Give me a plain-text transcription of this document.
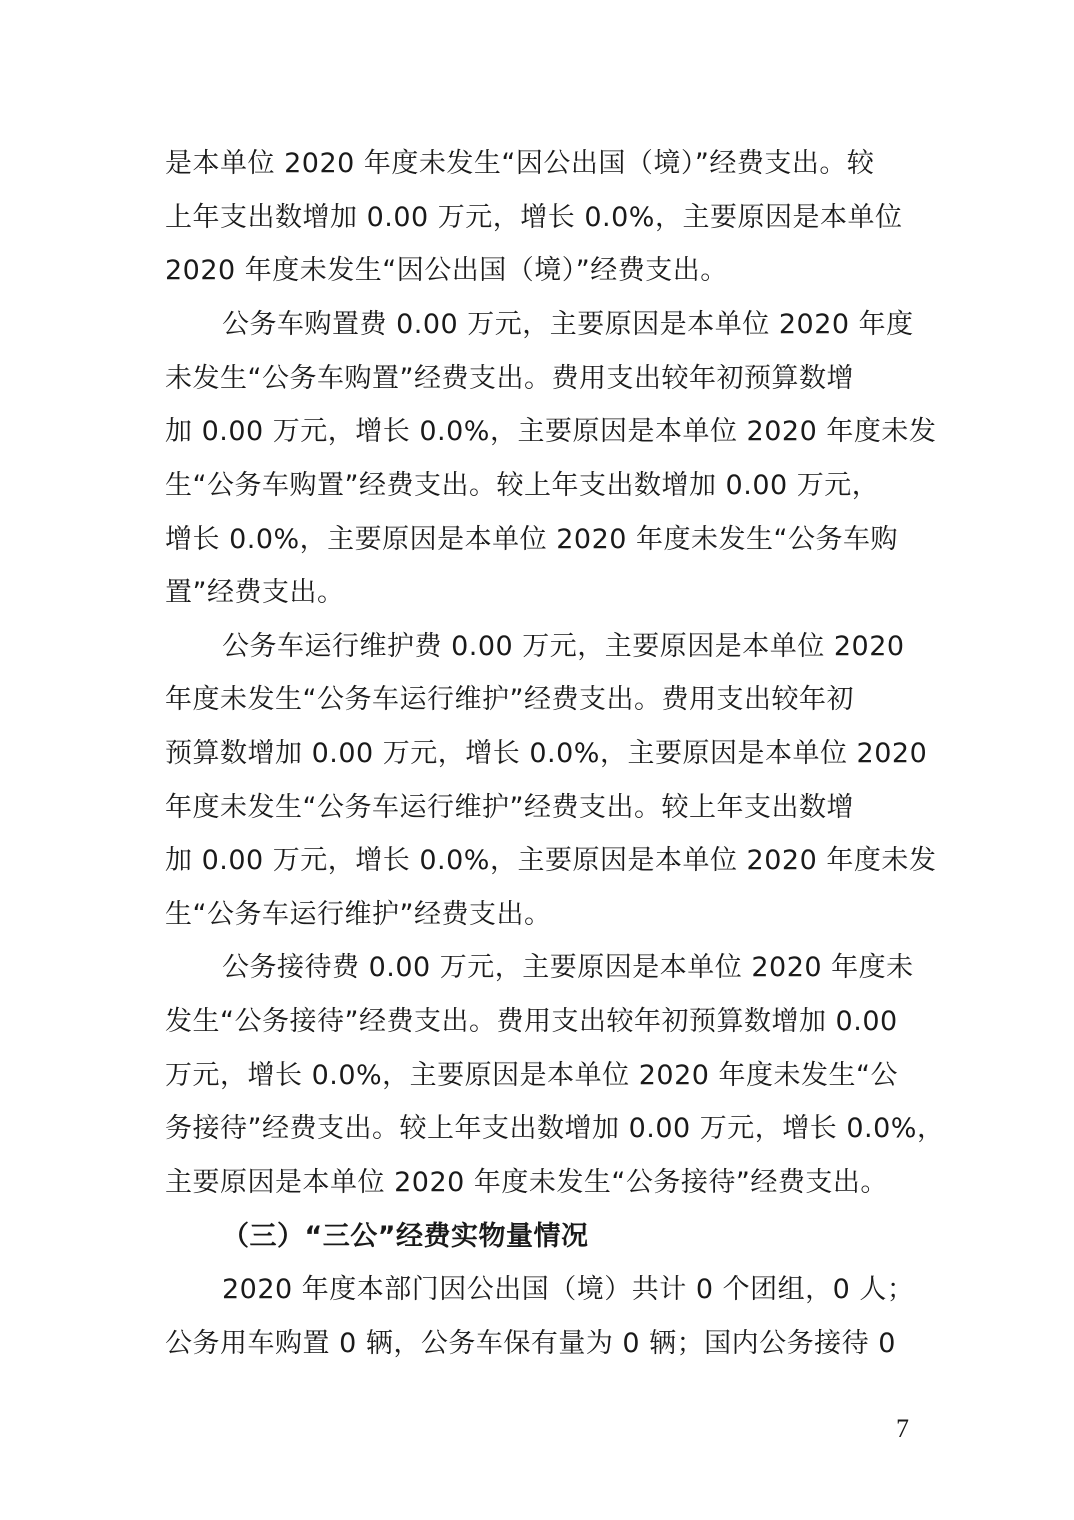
是本单位 2020 年度未发生“因公出国（境）”经费支出。较
上年支出数增加 0.00 万元，增长 0.0%，主要原因是本单位
2020 年度未发生“因公出国（境）”经费支出。
公务车购置费 0.00 万元，主要原因是本单位 2020 年度
未发生“公务车购置”经费支出。费用支出较年初预算数增
加 0.00 万元，增长 0.0%，主要原因是本单位 2020 年度未发
生“公务车购置”经费支出。较上年支出数增加 0.00 万元，
增长 0.0%，主要原因是本单位 2020 年度未发生“公务车购
置”经费支出。
公务车运行维护费 0.00 万元，主要原因是本单位 2020
年度未发生“公务车运行维护”经费支出。费用支出较年初
预算数增加 0.00 万元，增长 0.0%，主要原因是本单位 2020
年度未发生“公务车运行维护”经费支出。较上年支出数增
加 0.00 万元，增长 0.0%，主要原因是本单位 2020 年度未发
生“公务车运行维护”经费支出。
公务接待费 0.00 万元，主要原因是本单位 2020 年度未
发生“公务接待”经费支出。费用支出较年初预算数增加 0.00
万元，增长 0.0%，主要原因是本单位 2020 年度未发生“公
务接待”经费支出。较上年支出数增加 0.00 万元，增长 0.0%，
主要原因是本单位 2020 年度未发生“公务接待”经费支出。
（三）“三公”经费实物量情况
2020 年度本部门因公出国（境）共计 0 个团组，0 人；
公务用车购置 0 辆，公务车保有量为 0 辆；国内公务接待 0
7
